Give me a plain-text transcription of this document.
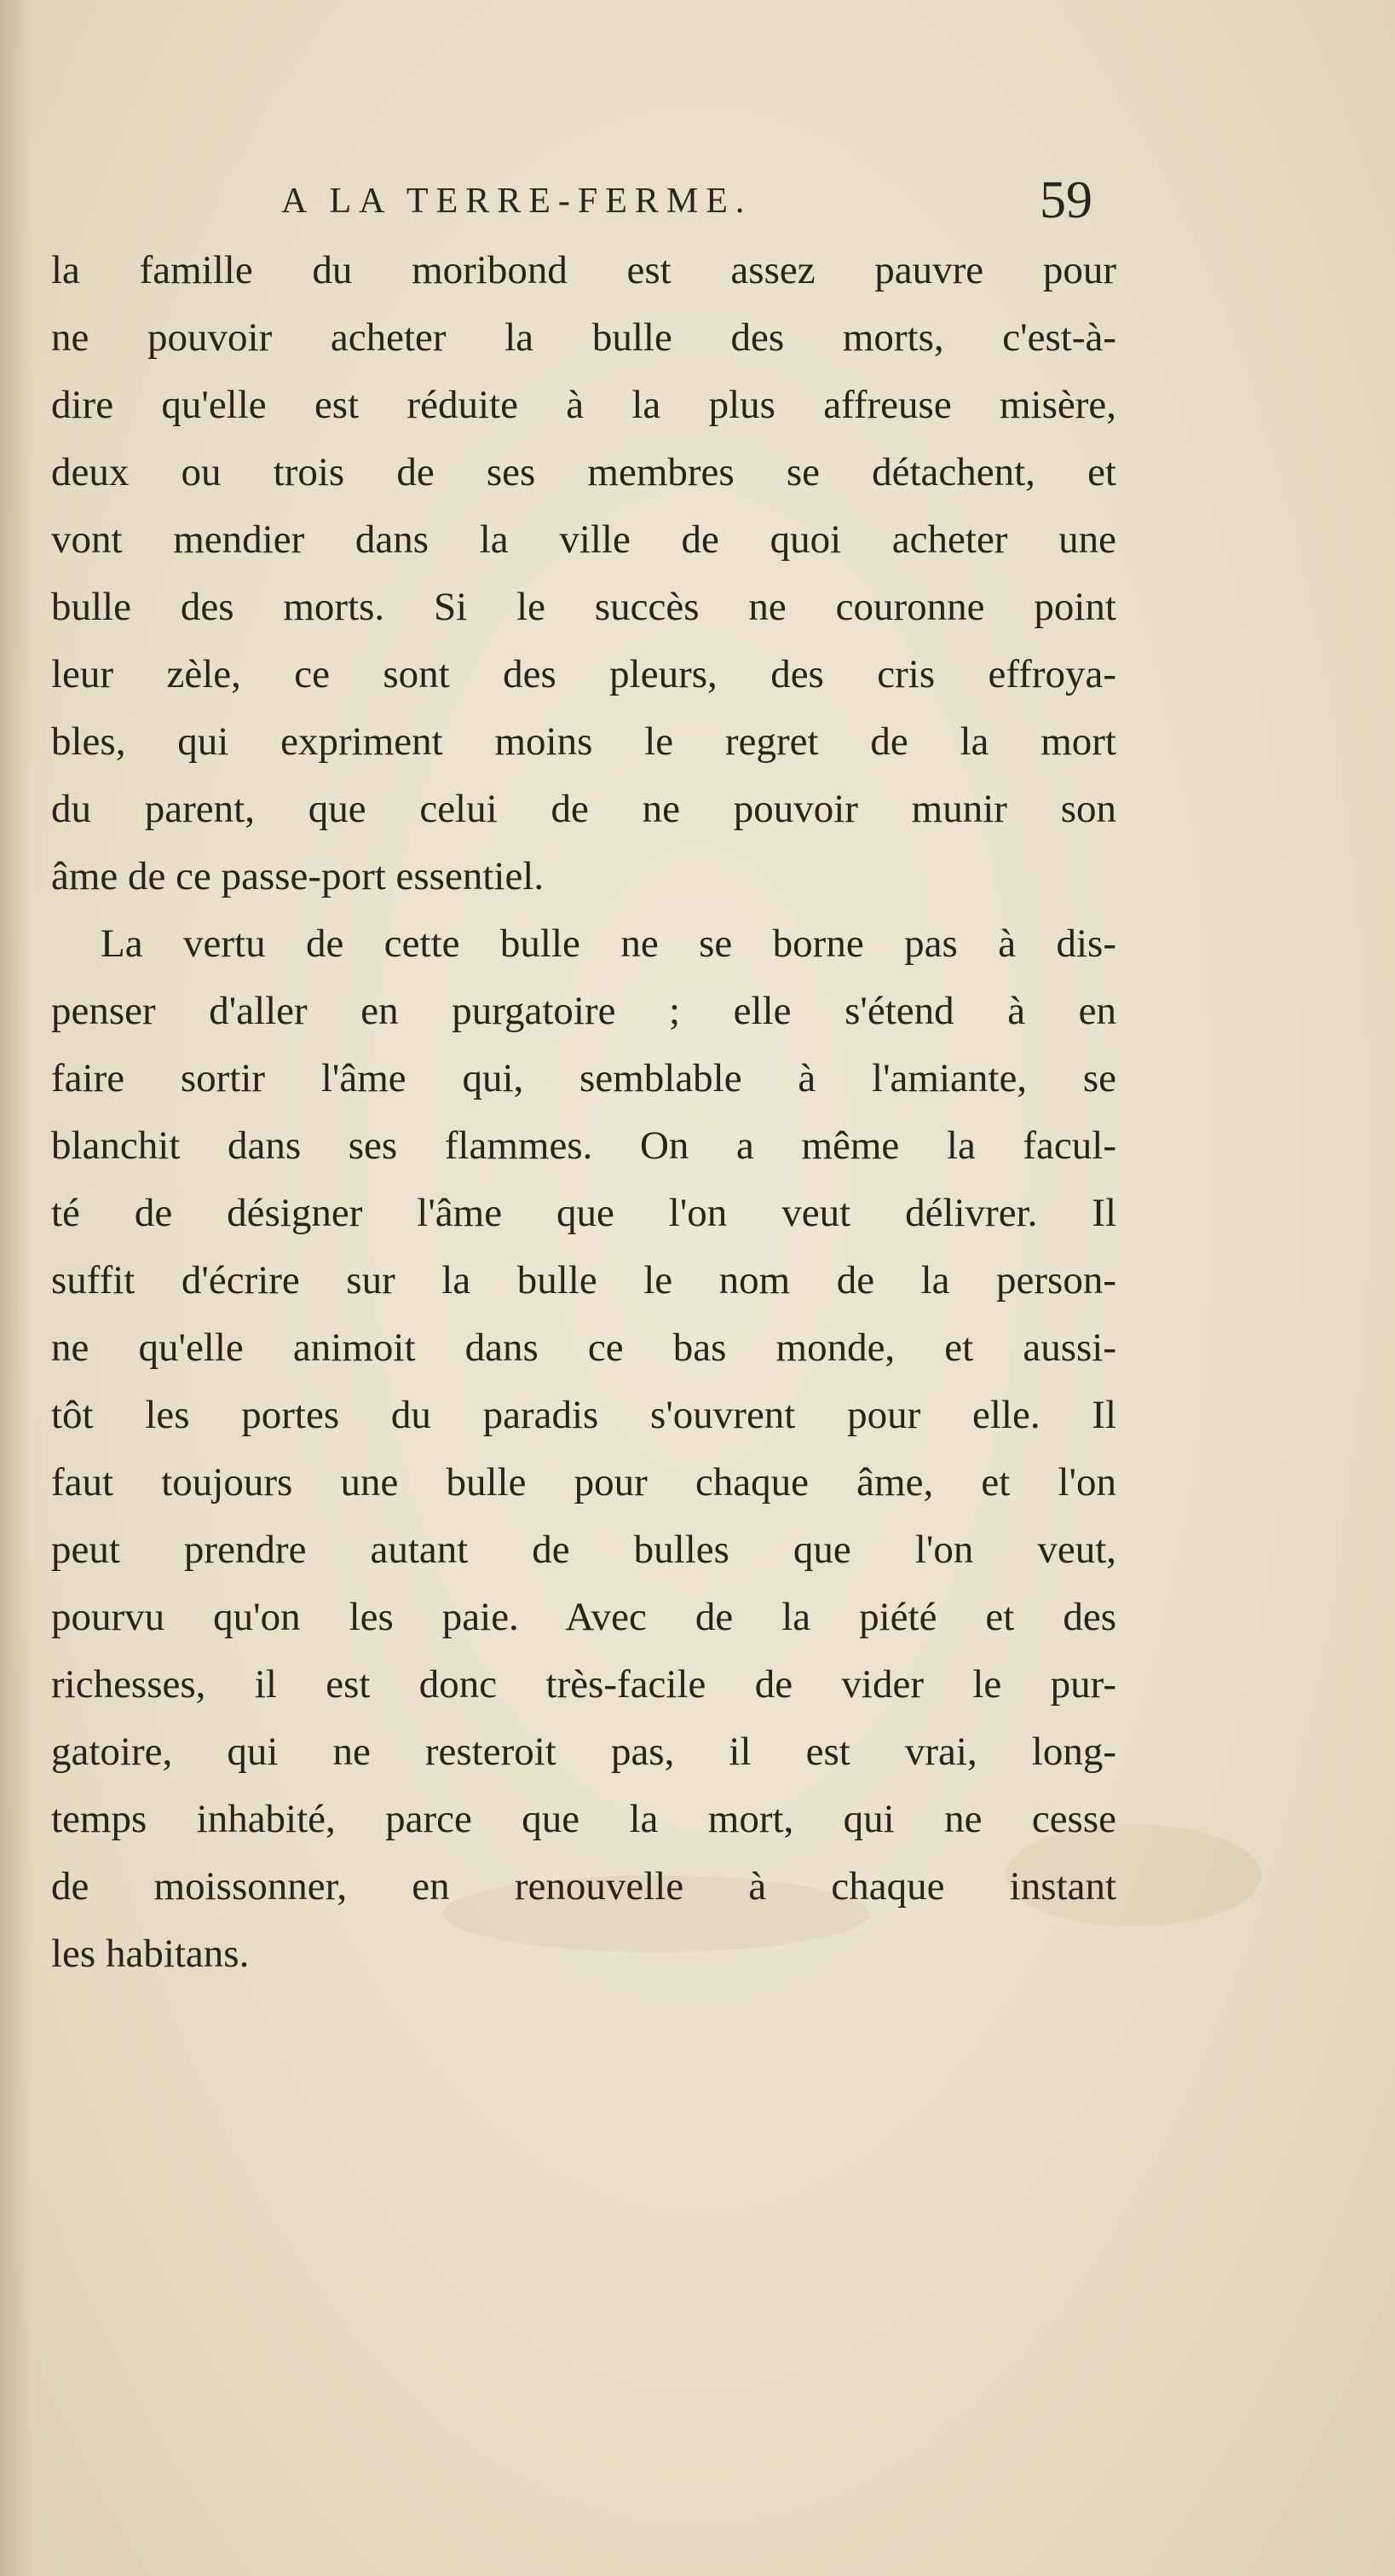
A LA TERRE-FERME.	59
la famille du moribond est assez pauvre pour
ne pouvoir acheter la bulle des morts, c'est-à-
dire qu'elle est réduite à la plus affreuse misère,
deux ou trois de ses membres se détachent, et
vont mendier dans la ville de quoi acheter une
bulle des morts. Si le succès ne couronne point
leur zèle, ce sont des pleurs, des cris effroya-
bles, qui expriment moins le regret de la mort
du parent, que celui de ne pouvoir munir son
âme de ce passe-port essentiel.
La vertu de cette bulle ne se borne pas à dis-
penser d'aller en purgatoire ; elle s'étend à en
faire sortir l'âme qui, semblable à l'amiante, se
blanchit dans ses flammes. On a même la facul-
té de désigner l'âme que l'on veut délivrer. Il
suffit d'écrire sur la bulle le nom de la person-
ne qu'elle animoit dans ce bas monde, et aussi-
tôt les portes du paradis s'ouvrent pour elle. Il
faut toujours une bulle pour chaque âme, et l'on
peut prendre autant de bulles que l'on veut,
pourvu qu'on les paie. Avec de la piété et des
richesses, il est donc très-facile de vider le pur-
gatoire, qui ne resteroit pas, il est vrai, long-
temps inhabité, parce que la mort, qui ne cesse
de moissonner, en renouvelle à chaque instant
les habitans.
